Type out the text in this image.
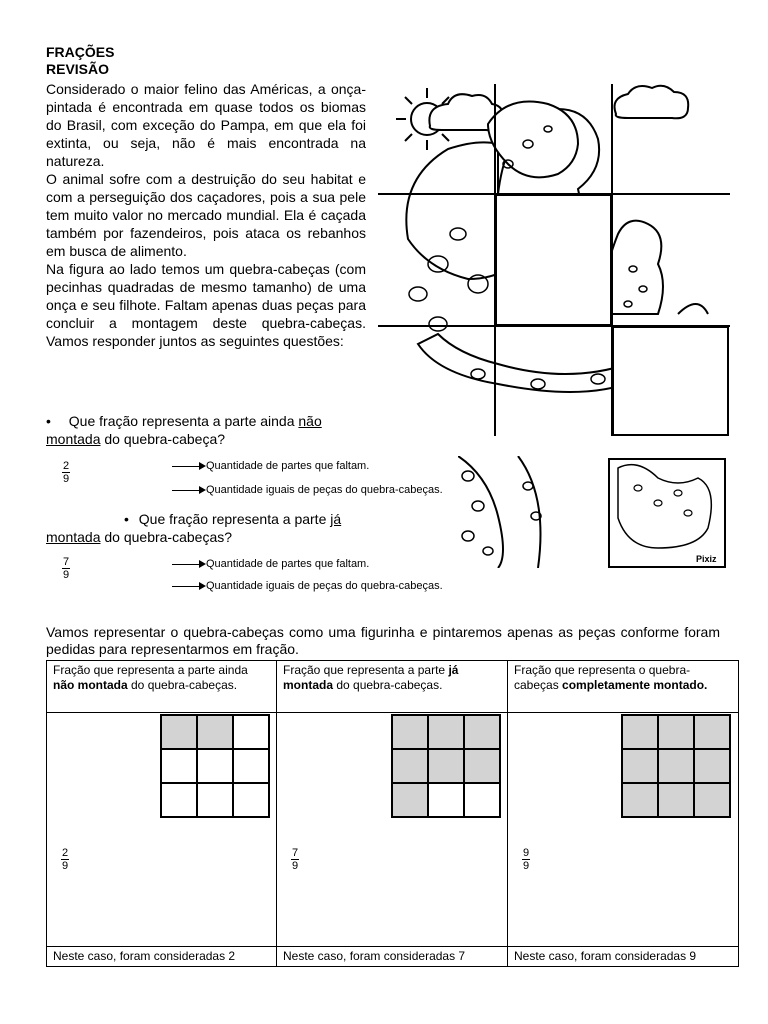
FRAÇÕES
REVISÃO

Considerado o maior felino das Américas, a onça-pintada é encontrada em quase todos os biomas do Brasil, com exceção do Pampa, em que ela foi extinta, ou seja, não é mais encontrada na natureza.

O animal sofre com a destruição do seu habitat e com a perseguição dos caçadores, pois a sua pele tem muito valor no mercado mundial. Ela é caçada também por fazendeiros, pois ataca os rebanhos em busca de alimento.

Na figura ao lado temos um quebra-cabeças (com pecinhas quadradas de mesmo tamanho) de uma onça e seu filhote. Faltam apenas duas peças para concluir a montagem deste quebra-cabeças. Vamos responder juntos as seguintes questões:

• Que fração representa a parte ainda não montada do quebra-cabeça?
$\frac{2}{9}$	Quantidade de partes que faltam.
Quantidade iguais de peças do quebra-cabeças.
• Que fração representa a parte já montada do quebra-cabeças?
$\frac{7}{9}$	Quantidade de partes que faltam.
Quantidade iguais de peças do quebra-cabeças.
Pixiz
Vamos representar o quebra-cabeças como uma figurinha e pintaremos apenas as peças conforme foram pedidas para representarmos em fração.
Fração que representa a parte ainda não montada do quebra-cabeças.	Fração que representa a parte já montada do quebra-cabeças.	Fração que representa o quebra-cabeças completamente montado.

$\frac{2}{9}$	$\frac{7}{9}$	$\frac{9}{9}$

Neste caso, foram consideradas 2	Neste caso, foram consideradas 7	Neste caso, foram consideradas 9
